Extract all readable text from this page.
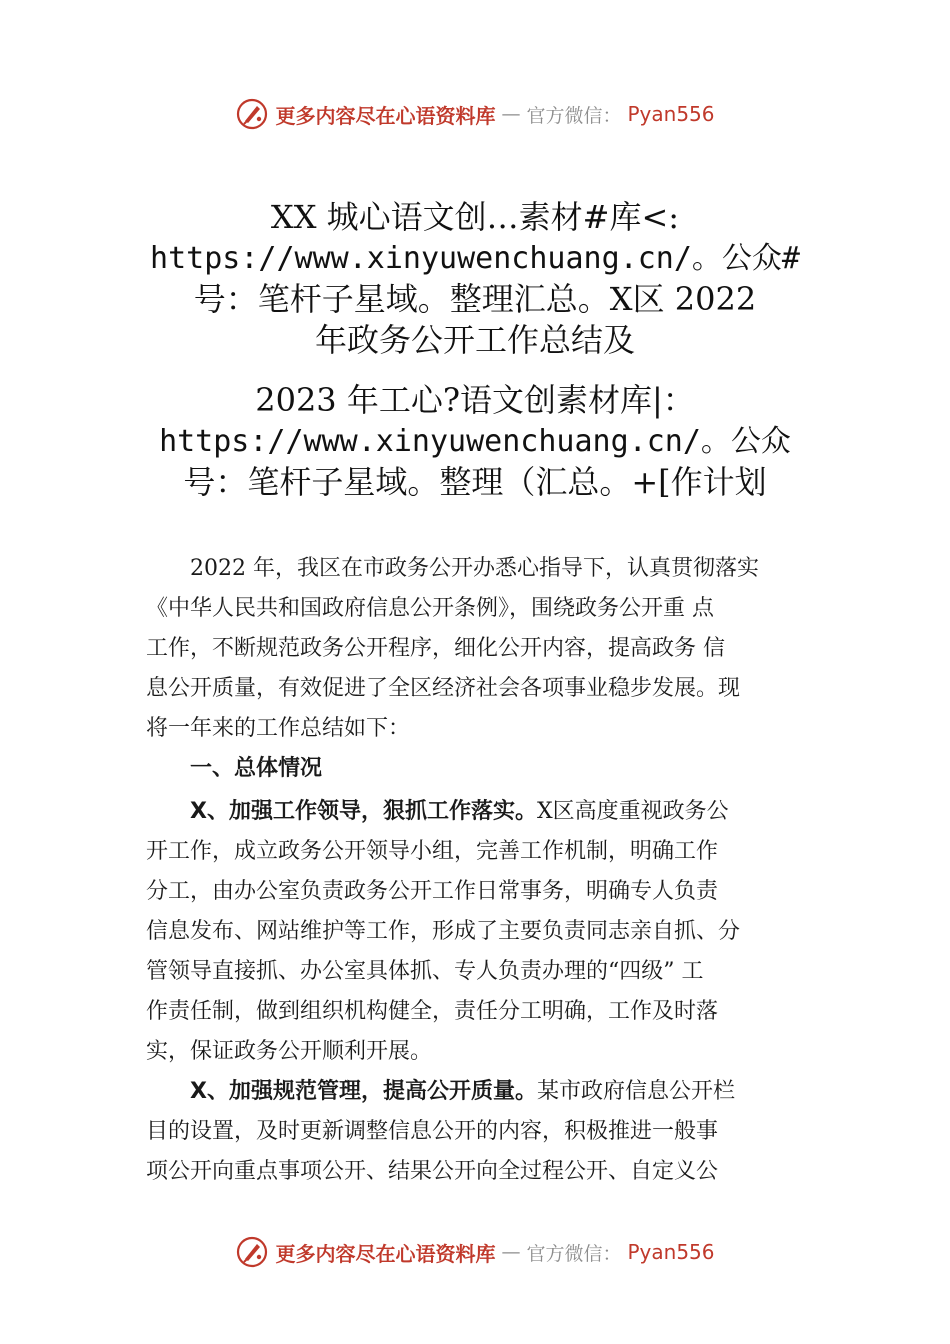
更多内容尽在心语资料库 — 官方微信： Pyan556
XX 城心语文创…素材#库<:
https://www.xinyuwenchuang.cn/。公众#
号：笔杆子星域。整理汇总。X区 2022
年政务公开工作总结及
2023 年工心?语文创素材库|：
https://www.xinyuwenchuang.cn/。公众
号：笔杆子星域。整理（汇总。+[作计划
2022 年，我区在市政务公开办悉心指导下，认真贯彻落实
《中华人民共和国政府信息公开条例》，围绕政务公开重 点
工作，不断规范政务公开程序，细化公开内容，提高政务 信
息公开质量，有效促进了全区经济社会各项事业稳步发展。现
将一年来的工作总结如下：
一、总体情况
X、加强工作领导，狠抓工作落实。X区高度重视政务公
开工作，成立政务公开领导小组，完善工作机制，明确工作
分工，由办公室负责政务公开工作日常事务，明确专人负责
信息发布、网站维护等工作，形成了主要负责同志亲自抓、分
管领导直接抓、办公室具体抓、专人负责办理的“四级” 工
作责任制，做到组织机构健全，责任分工明确，工作及时落
实，保证政务公开顺利开展。
X、加强规范管理，提高公开质量。某市政府信息公开栏
目的设置，及时更新调整信息公开的内容，积极推进一般事
项公开向重点事项公开、结果公开向全过程公开、自定义公
更多内容尽在心语资料库 — 官方微信： Pyan556
